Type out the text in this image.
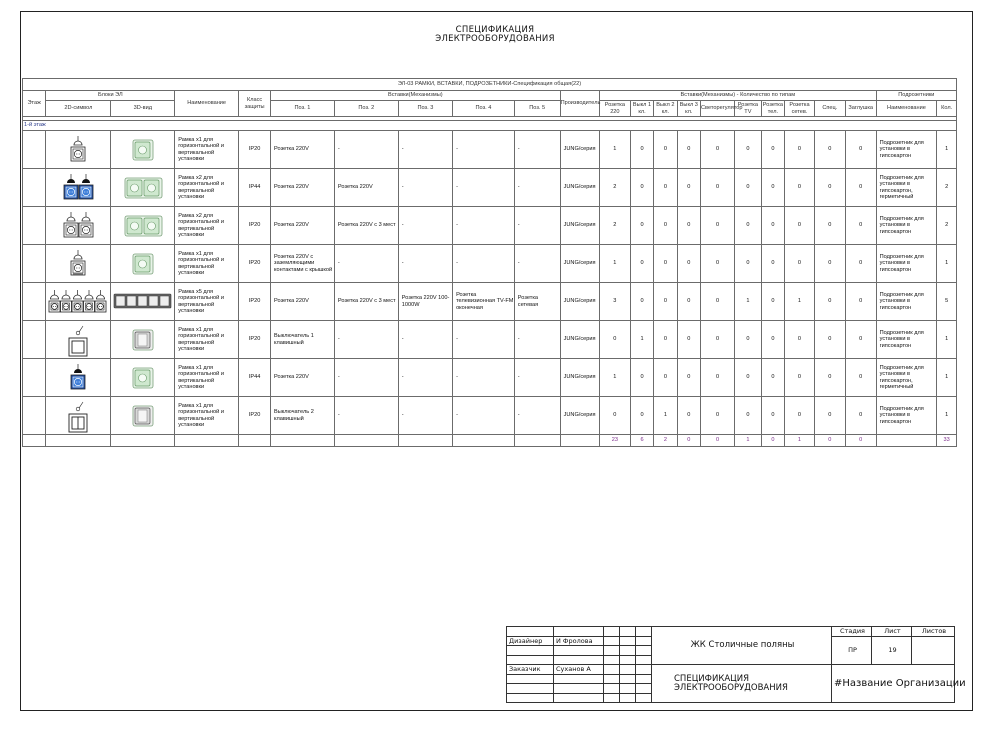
СПЕЦИФИКАЦИЯ
ЭЛЕКТРООБОРУДОВАНИЯ
ЭЛ-03 РАМКИ, ВСТАВКИ, ПОДРОЗЕТНИКИ-Спецификация общая(22)																						
Этаж	Блоки ЭЛ		Наименование	Класс защиты	Вставки(Механизмы)					Производитель	Вставки(Механизмы) - Количество по типам										Подрозетники	
	2D-символ	3D-вид			Поз. 1	Поз. 2	Поз. 3	Поз. 4	Поз. 5		Розетка 220	Выкл 1 кл.	Выкл 2 кл.	Выкл 3 кл.	Светорегулятор	Розетка TV	Розетка тел.	Розетка сетев.	Спец.	Заглушка	Наименование	Кол.

1-й этаж																						
			Рамка x1 для горизонтальной и вертикальной установки	IP20	Розетка 220V	-	-	-	-	JUNG/серия	1	0	0	0	0	0	0	0	0	0	Подрозетник для установки в гипсокартон	1
			Рамка x2 для горизонтальной и вертикальной установки	IP44	Розетка 220V	Розетка 220V	-	-	-	JUNG/серия	2	0	0	0	0	0	0	0	0	0	Подрозетник для установки в гипсокартон, герметичный	2
			Рамка x2 для горизонтальной и вертикальной установки	IP20	Розетка 220V	Розетка 220V с 3 мест	-	-	-	JUNG/серия	2	0	0	0	0	0	0	0	0	0	Подрозетник для установки в гипсокартон	2
			Рамка x1 для горизонтальной и вертикальной установки	IP20	Розетка 220V с заземляющими контактами с крышкой	-	-	-	-	JUNG/серия	1	0	0	0	0	0	0	0	0	0	Подрозетник для установки в гипсокартон	1
			Рамка x5 для горизонтальной и вертикальной установки	IP20	Розетка 220V	Розетка 220V с 3 мест	Розетка 220V 100-1000W	Розетка телевизионная TV-FM оконечная	Розетка сетевая	JUNG/серия	3	0	0	0	0	1	0	1	0	0	Подрозетник для установки в гипсокартон	5
			Рамка x1 для горизонтальной и вертикальной установки	IP20	Выключатель 1 клавишный	-	-	-	-	JUNG/серия	0	1	0	0	0	0	0	0	0	0	Подрозетник для установки в гипсокартон	1
			Рамка x1 для горизонтальной и вертикальной установки	IP44	Розетка 220V	-	-	-	-	JUNG/серия	1	0	0	0	0	0	0	0	0	0	Подрозетник для установки в гипсокартон, герметичный	1
			Рамка x1 для горизонтальной и вертикальной установки	IP20	Выключатель 2 клавишный	-	-	-	-	JUNG/серия	0	0	1	0	0	0	0	0	0	0	Подрозетник для установки в гипсокартон	1
											23	6	2	0	0	1	0	1	0	0		33
					ЖК Столичные поляны	Стадия	Лист	Листов
Дизайнер	И Фролова					ПР	19	

Заказчик	Суханов А				СПЕЦИФИКАЦИЯ
ЭЛЕКТРООБОРУДОВАНИЯ	#Название Организации		
